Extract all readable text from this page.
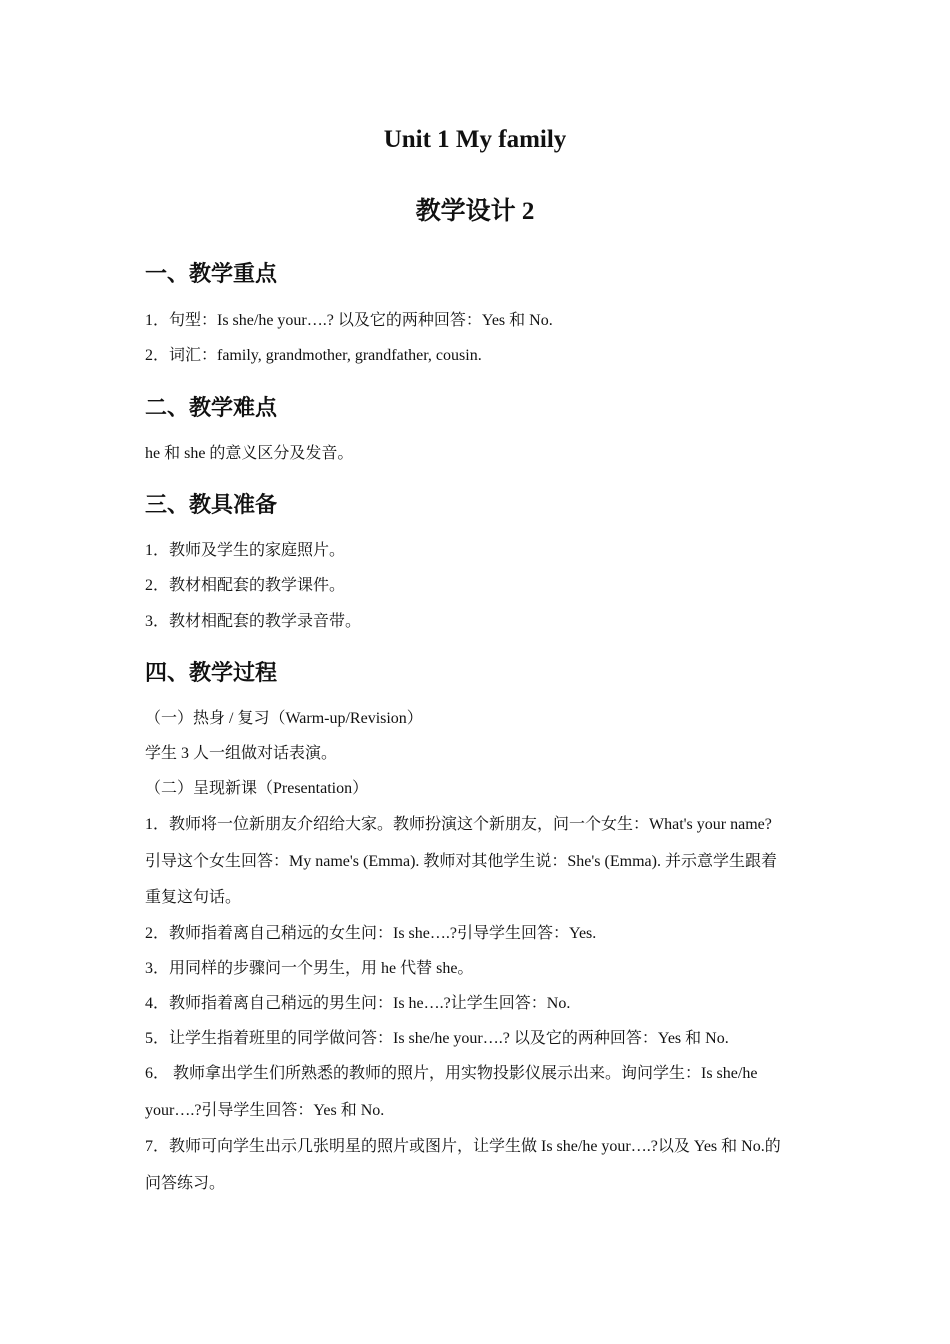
Unit 1 My family
教学设计 2
一、教学重点
1．句型：Is she/he your….? 以及它的两种回答：Yes 和 No.
2．词汇：family, grandmother, grandfather, cousin.
二、教学难点
he 和 she 的意义区分及发音。
三、教具准备
1．教师及学生的家庭照片。
2．教材相配套的教学课件。
3．教材相配套的教学录音带。
四、教学过程
（一）热身 / 复习（Warm-up/Revision）
学生 3 人一组做对话表演。
（二）呈现新课（Presentation）
1．教师将一位新朋友介绍给大家。教师扮演这个新朋友，问一个女生：What's your name?
引导这个女生回答：My name's (Emma). 教师对其他学生说：She's (Emma). 并示意学生跟着
重复这句话。
2．教师指着离自己稍远的女生问：Is she….?引导学生回答：Yes.
3．用同样的步骤问一个男生，用 he 代替 she。
4．教师指着离自己稍远的男生问：Is he….?让学生回答：No.
5．让学生指着班里的同学做问答：Is she/he your….? 以及它的两种回答：Yes 和 No.
6． 教师拿出学生们所熟悉的教师的照片，用实物投影仪展示出来。询问学生：Is she/he
your….?引导学生回答：Yes 和 No.
7．教师可向学生出示几张明星的照片或图片，让学生做 Is she/he your….?以及 Yes 和 No.的
问答练习。
